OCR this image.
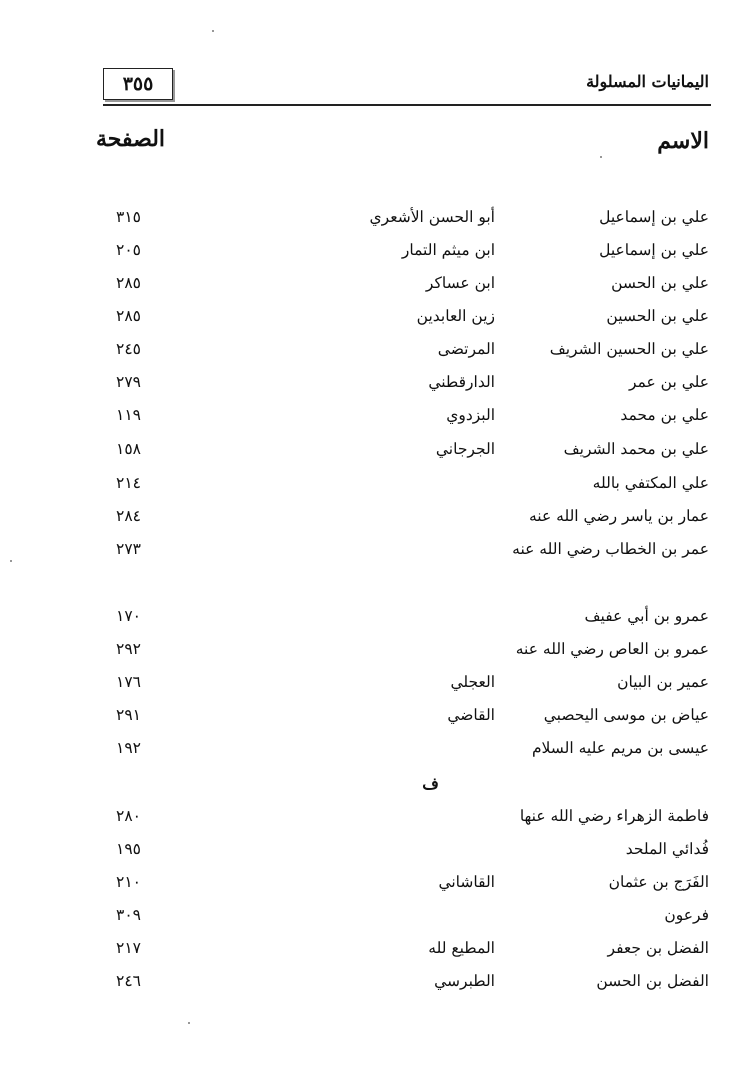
٣٥٥	اليمانيات المسلولة
الاسم
الصفحة
علي بن إسماعيل
أبو الحسن الأشعري
٣١٥
علي بن إسماعيل
ابن ميثم التمار
٢٠٥
علي بن الحسن
ابن عساكر
٢٨٥
علي بن الحسين
زين العابدين
٢٨٥
علي بن الحسين الشريف
المرتضى
٢٤٥
علي بن عمر
الدارقطني
٢٧٩
علي بن محمد
البزدوي
١١٩
علي بن محمد الشريف
الجرجاني
١٥٨
علي المكتفي بالله
٢١٤
عمار بن ياسر رضي الله عنه
٢٨٤
عمر بن الخطاب رضي الله عنه
٢٧٣
عمرو بن أبي عفيف
١٧٠
عمرو بن العاص رضي الله عنه
٢٩٢
عمير بن البيان
العجلي
١٧٦
عياض بن موسى اليحصبي
القاضي
٢٩١
عيسى بن مريم عليه السلام
١٩٢
ف
فاطمة الزهراء رضي الله عنها
٢٨٠
فُدائي الملحد
١٩٥
الفَرَج بن عثمان
القاشاني
٢١٠
فرعون
٣٠٩
الفضل بن جعفر
المطيع لله
٢١٧
الفضل بن الحسن
الطبرسي
٢٤٦
